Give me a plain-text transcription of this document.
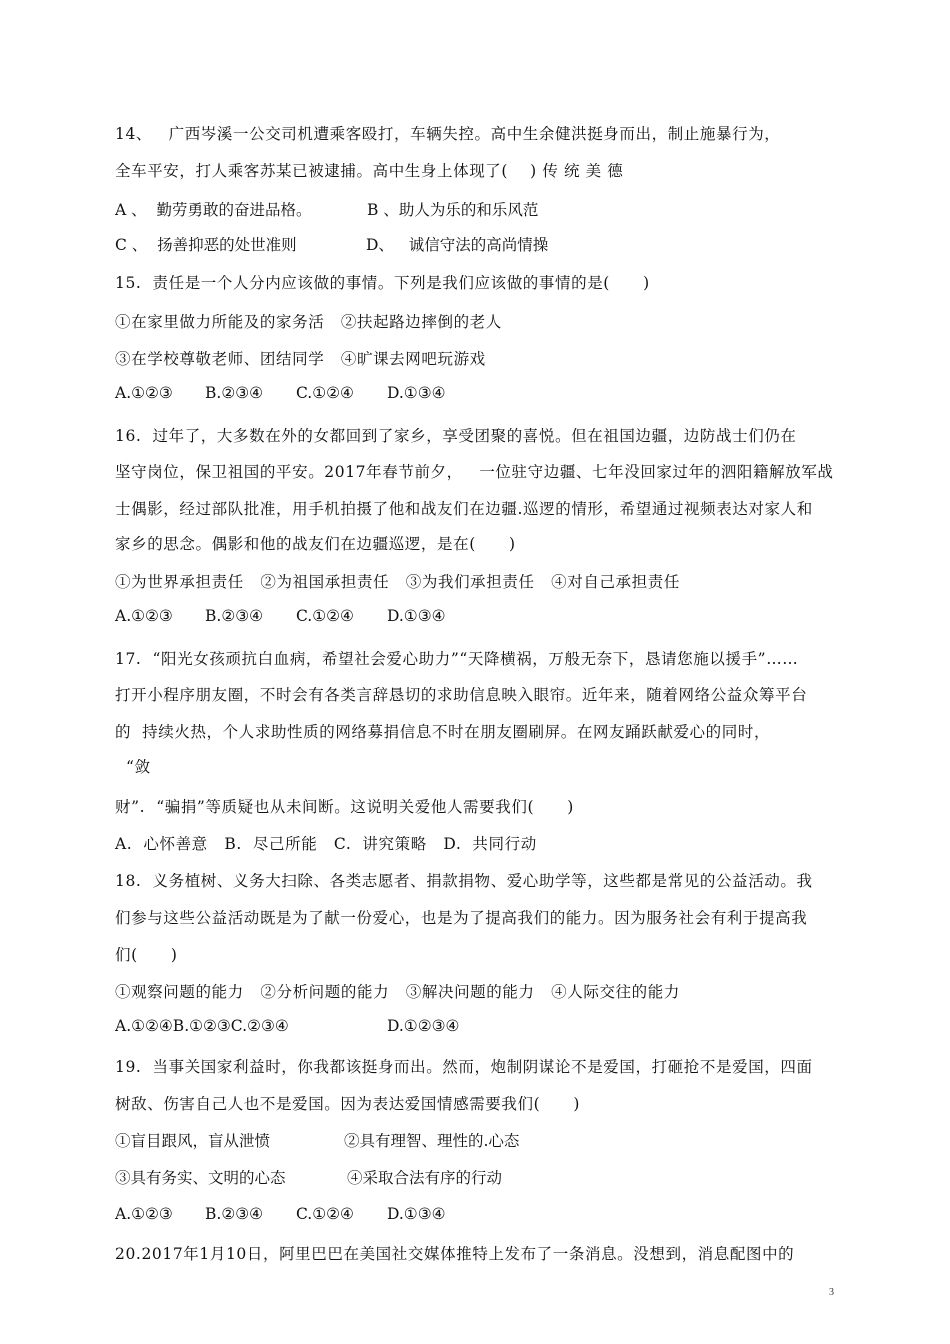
14、   广西岑溪一公交司机遭乘客殴打，车辆失控。高中生余健洪挺身而出，制止施暴行为，
全车平安，打人乘客苏某已被逮捕。高中生身上体现了(    ) 传 统 美 德
A 、  勤劳勇敢的奋进品格。	B 、助人为乐的和乐风范
C 、  扬善抑恶的处世准则	D、   诚信守法的高尚情操
15.  责任是一个人分内应该做的事情。下列是我们应该做的事情的是(      )
①在家里做力所能及的家务活   ②扶起路边摔倒的老人
③在学校尊敬老师、团结同学   ④旷课去网吧玩游戏
A.①②③ B.②③④ C.①②④ D.①③④
16.  过年了，大多数在外的女都回到了家乡，享受团聚的喜悦。但在祖国边疆，边防战士们仍在
坚守岗位，保卫祖国的平安。2017年春节前夕，   一位驻守边疆、七年没回家过年的泗阳籍解放军战
士偶影，经过部队批准，用手机拍摄了他和战友们在边疆.巡逻的情形，希望通过视频表达对家人和
家乡的思念。偶影和他的战友们在边疆巡逻，是在(      )
①为世界承担责任   ②为祖国承担责任   ③为我们承担责任   ④对自己承担责任
A.①②③ B.②③④ C.①②④ D.①③④
17.  “阳光女孩顽抗白血病，希望社会爱心助力”“天降横祸，万般无奈下，恳请您施以援手”……
打开小程序朋友圈，不时会有各类言辞恳切的求助信息映入眼帘。近年来，随着网络公益众筹平台
的  持续火热，个人求助性质的网络募捐信息不时在朋友圈刷屏。在网友踊跃献爱心的同时，
“敛
财”.  “骗捐”等质疑也从未间断。这说明关爱他人需要我们(      )
A.  心怀善意   B.  尽己所能   C.  讲究策略   D.  共同行动
18.  义务植树、义务大扫除、各类志愿者、捐款捐物、爱心助学等，这些都是常见的公益活动。我
们参与这些公益活动既是为了献一份爱心，也是为了提高我们的能力。因为服务社会有利于提高我
们(      )
①观察问题的能力   ②分析问题的能力   ③解决问题的能力   ④人际交往的能力
A.①②④B.①②③C.②③④	D.①②③④
19.  当事关国家利益时，你我都该挺身而出。然而，炮制阴谋论不是爱国，打砸抢不是爱国，四面
树敌、伤害自己人也不是爱国。因为表达爱国情感需要我们(      )
①盲目跟风，盲从泄愤	②具有理智、理性的.心态
③具有务实、文明的心态	④采取合法有序的行动
A.①②③ B.②③④ C.①②④ D.①③④
20.2017年1月10日，阿里巴巴在美国社交媒体推特上发布了一条消息。没想到，消息配图中的
3
